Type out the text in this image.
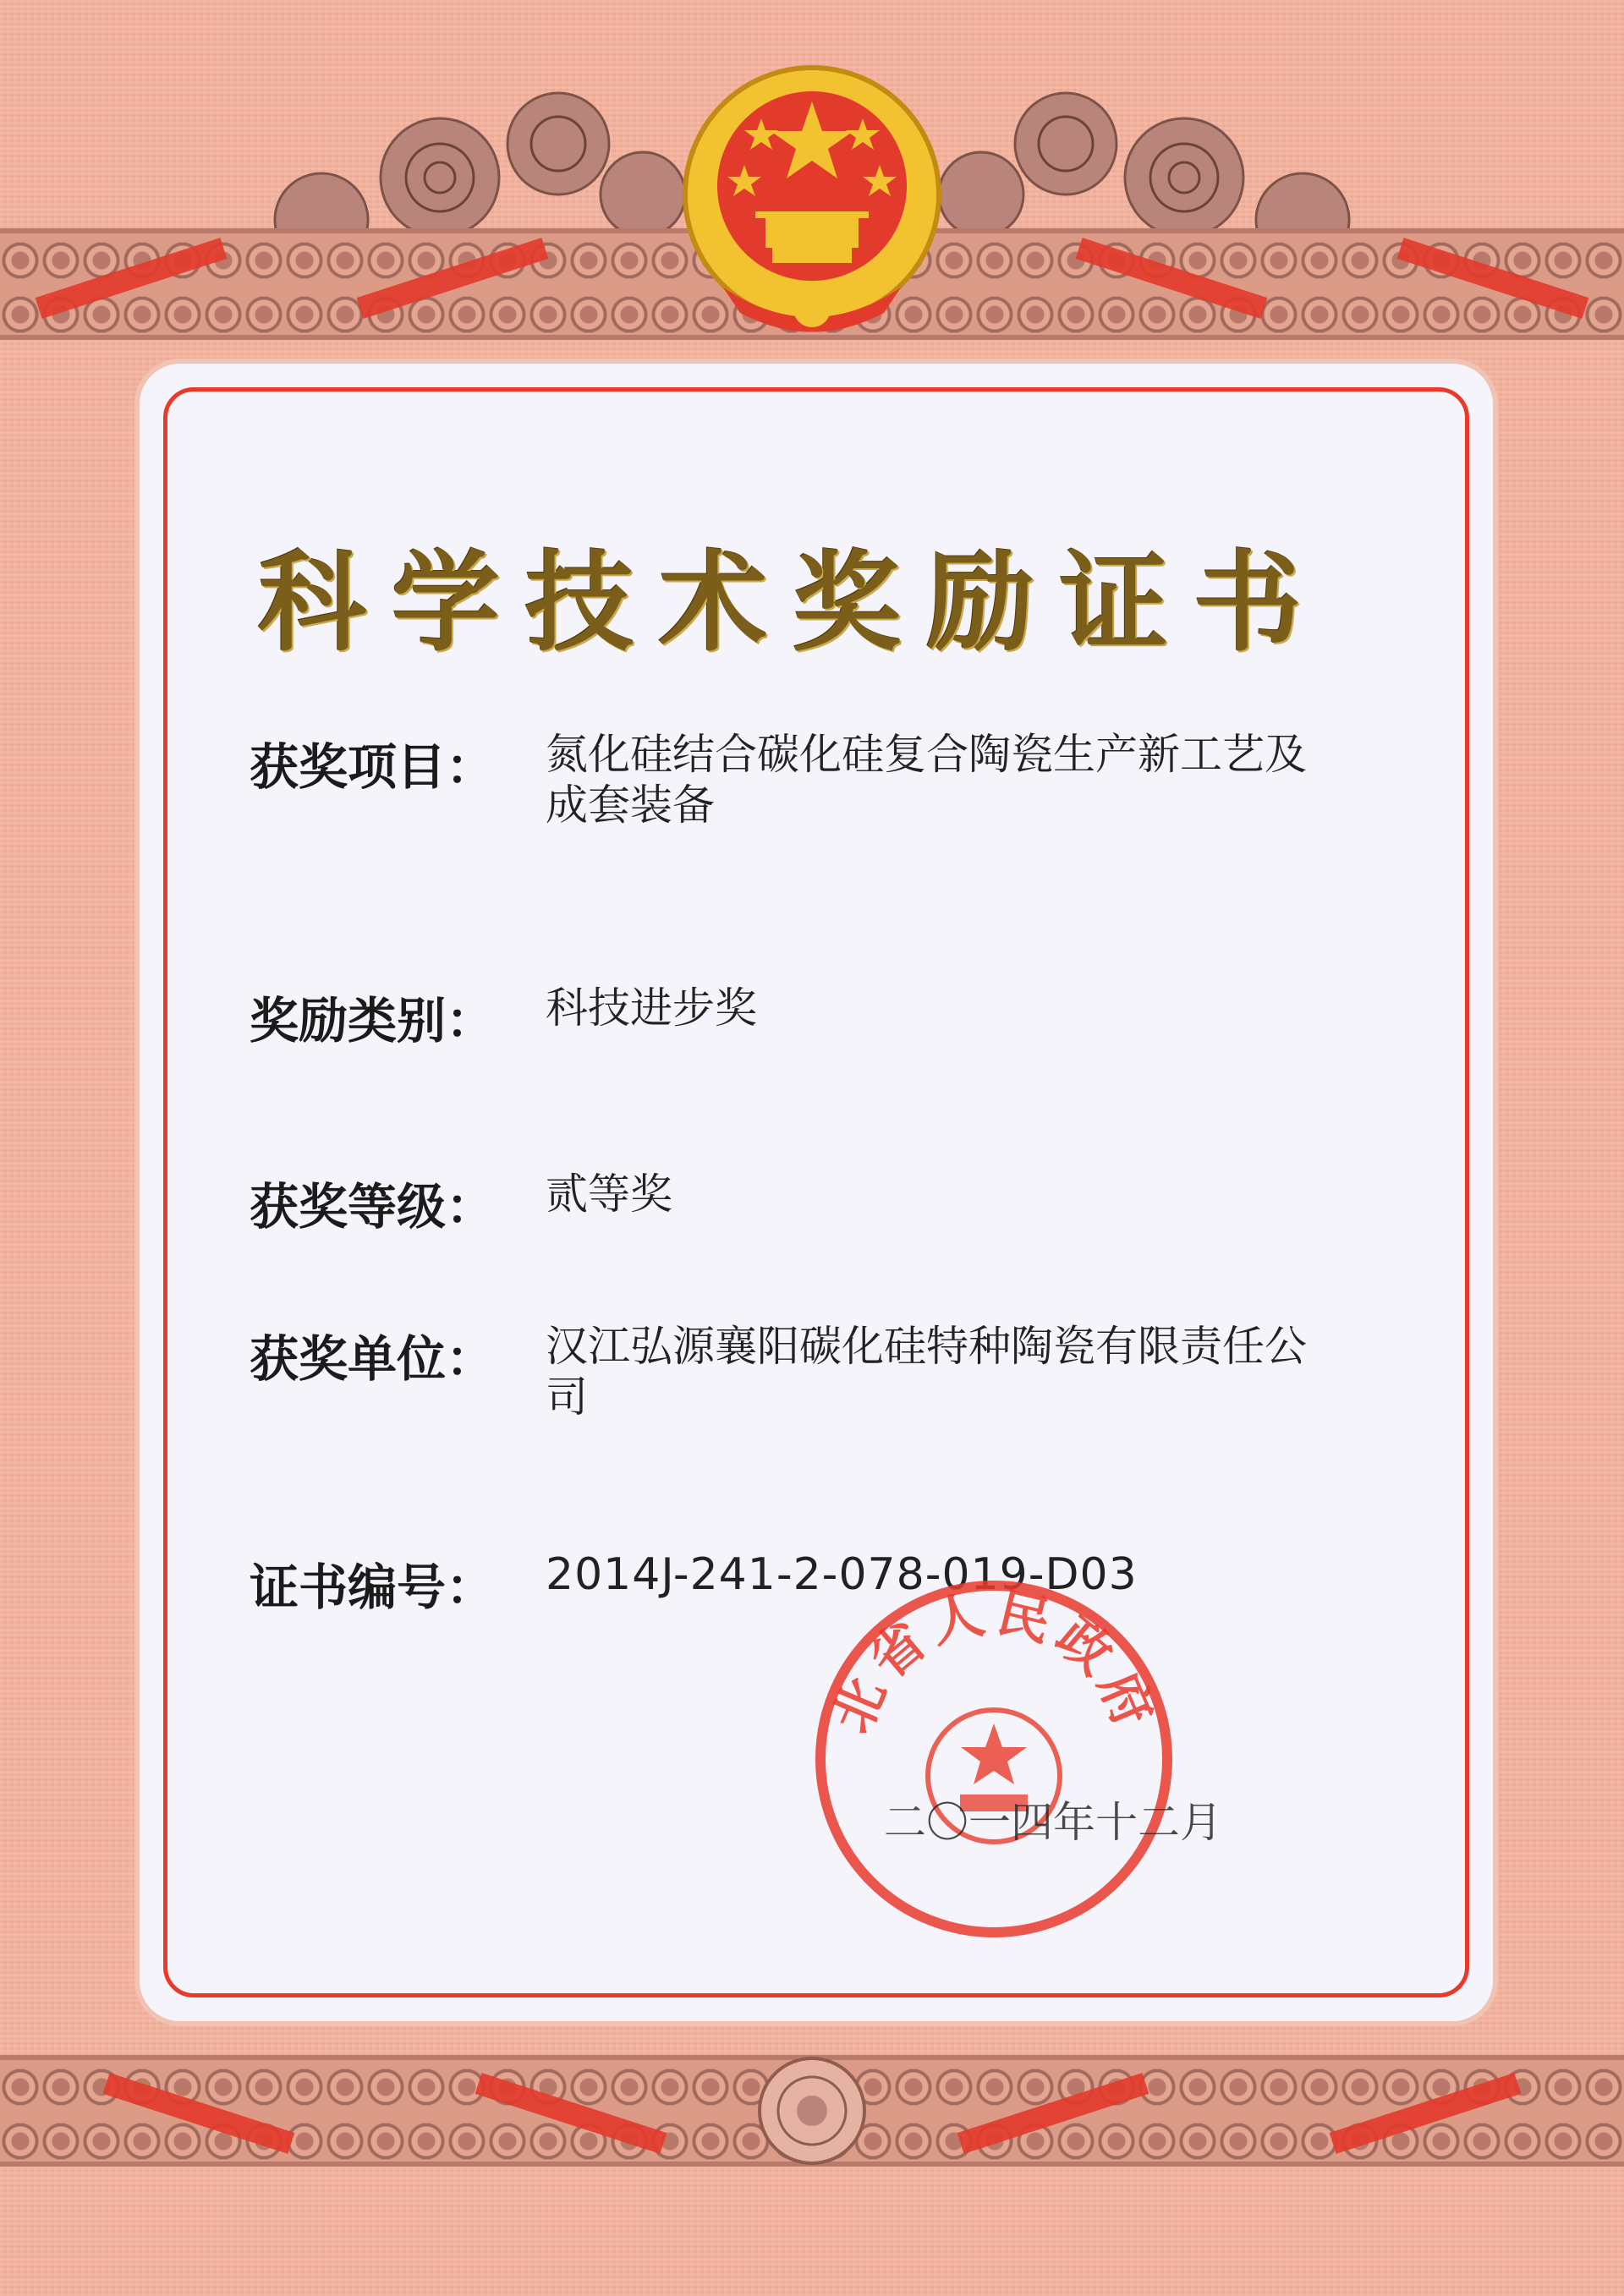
科学技术奖励证书
获奖项目：	氮化硅结合碳化硅复合陶瓷生产新工艺及成套装备
奖励类别：	科技进步奖
获奖等级：	贰等奖
获奖单位：	汉江弘源襄阳碳化硅特种陶瓷有限责任公司
证书编号：	2014J-241-2-078-019-D03
北省人民政府
二〇一四年十二月
